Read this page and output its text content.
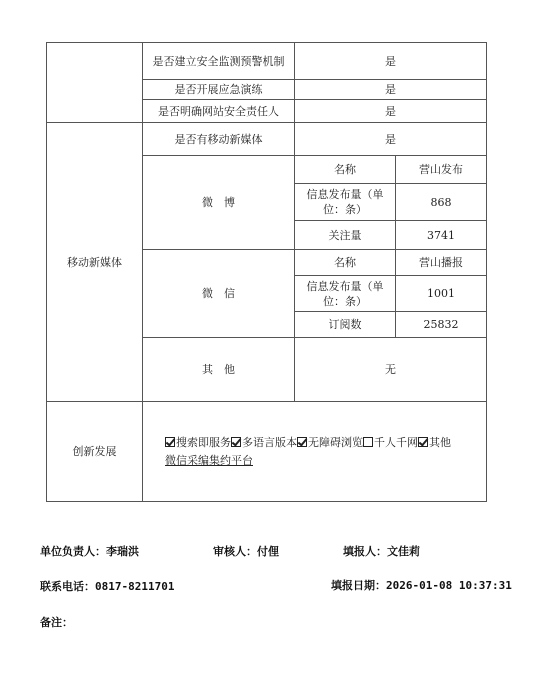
	是否建立安全监测预警机制	是	
	是否开展应急演练	是	
	是否明确网站安全责任人	是	
移动新媒体	是否有移动新媒体	是	
	微　博	名称	营山发布
		信息发布量（单位：条）	868
		关注量	3741
	微　信	名称	营山播报
		信息发布量（单位：条）	1001
		订阅数	25832
	其　他	无	
创新发展	搜索即服务 多语言版本 无障碍浏览 千人千网 其他
微信采编集约平台		
单位负责人：李瑞洪	审核人：付俚	填报人：文佳莉
联系电话：0817-8211701	填报日期：2026-01-08 10:37:31
备注：
